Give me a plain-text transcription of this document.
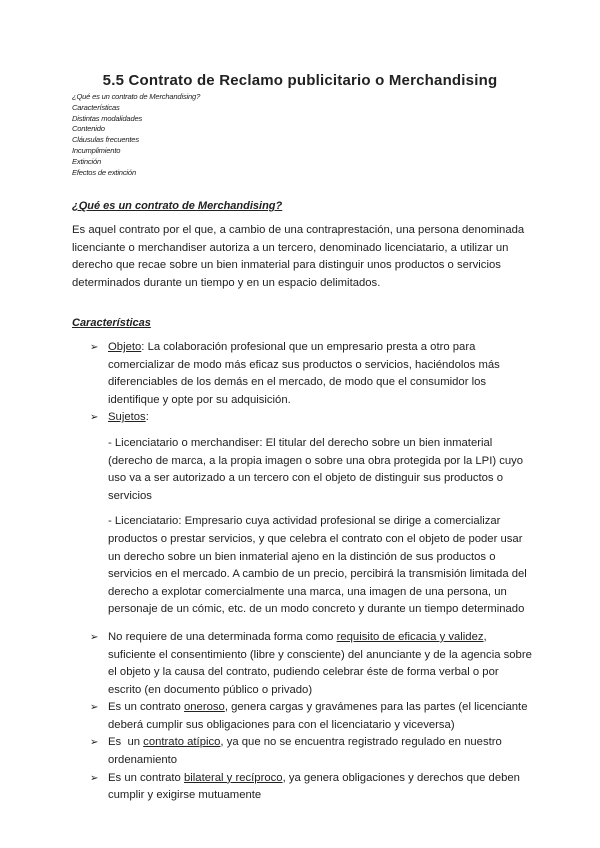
5.5 Contrato de Reclamo publicitario o Merchandising
¿Qué es un contrato de Merchandising?
Características
Distintas modalidades
Contenido
Cláusulas frecuentes
Incumplimiento
Extinción
Efectos de extinción
¿Qué es un contrato de Merchandising?
Es aquel contrato por el que, a cambio de una contraprestación, una persona denominada licenciante o merchandiser autoriza a un tercero, denominado licenciatario, a utilizar un derecho que recae sobre un bien inmaterial para distinguir unos productos o servicios determinados durante un tiempo y en un espacio delimitados.
Características
➢ Objeto: La colaboración profesional que un empresario presta a otro para comercializar de modo más eficaz sus productos o servicios, haciéndolos más diferenciables de los demás en el mercado, de modo que el consumidor los identifique y opte por su adquisición.
➢ Sujetos:
- Licenciatario o merchandiser: El titular del derecho sobre un bien inmaterial (derecho de marca, a la propia imagen o sobre una obra protegida por la LPI) cuyo uso va a ser autorizado a un tercero con el objeto de distinguir sus productos o servicios
- Licenciatario: Empresario cuya actividad profesional se dirige a comercializar productos o prestar servicios, y que celebra el contrato con el objeto de poder usar un derecho sobre un bien inmaterial ajeno en la distinción de sus productos o servicios en el mercado. A cambio de un precio, percibirá la transmisión limitada del derecho a explotar comercialmente una marca, una imagen de una persona, un personaje de un cómic, etc. de un modo concreto y durante un tiempo determinado
➢ No requiere de una determinada forma como requisito de eficacia y validez, suficiente el consentimiento (libre y consciente) del anunciante y de la agencia sobre el objeto y la causa del contrato, pudiendo celebrar éste de forma verbal o por escrito (en documento público o privado)
➢ Es un contrato oneroso, genera cargas y gravámenes para las partes (el licenciante deberá cumplir sus obligaciones para con el licenciatario y viceversa)
➢ Es  un contrato atípico, ya que no se encuentra registrado regulado en nuestro ordenamiento
➢ Es un contrato bilateral y recíproco, ya genera obligaciones y derechos que deben cumplir y exigirse mutuamente
